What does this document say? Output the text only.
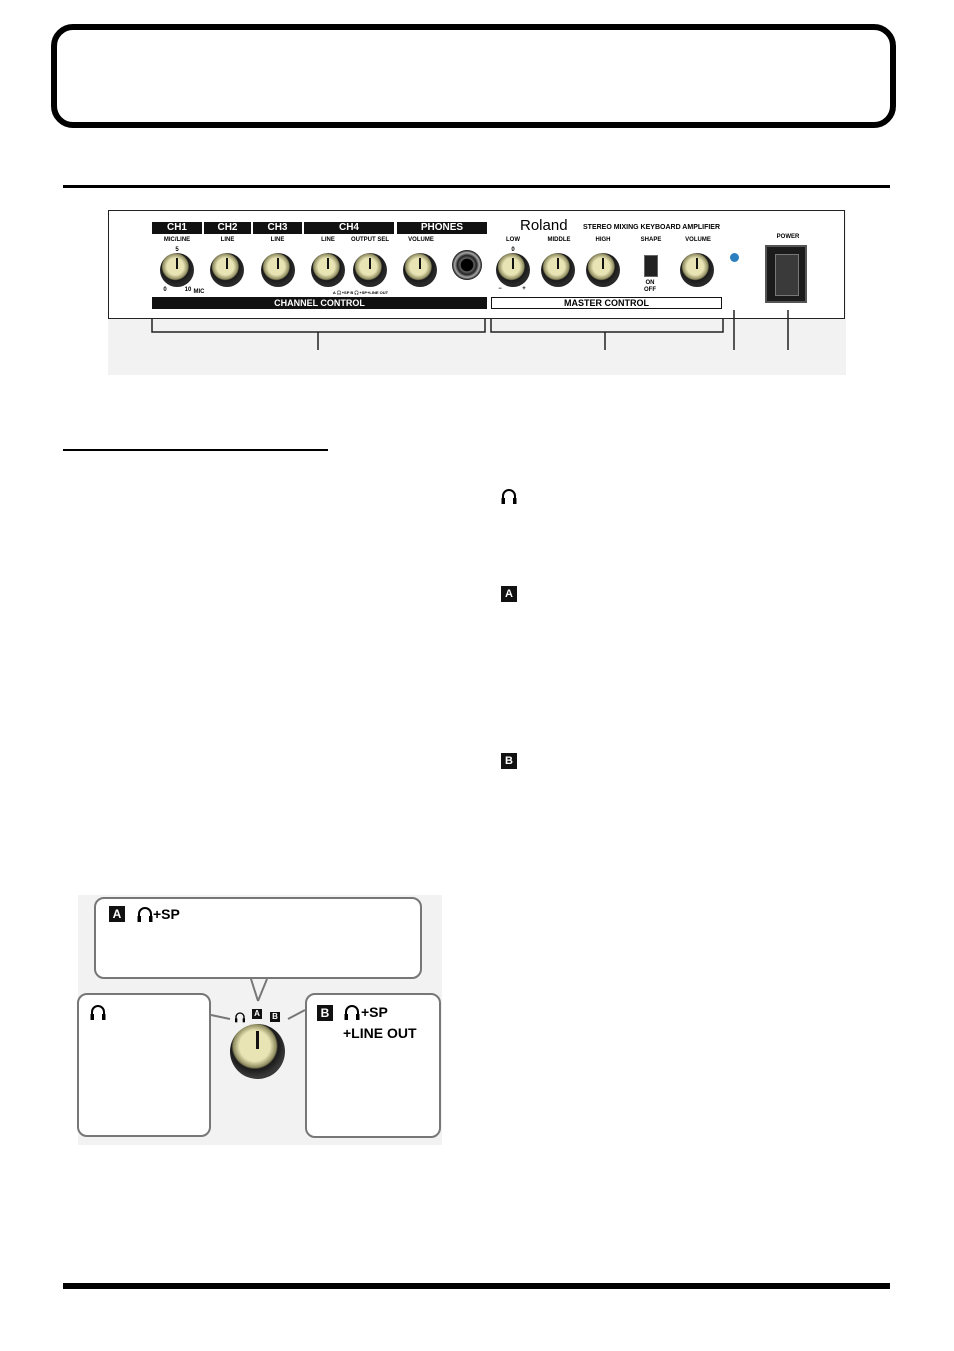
CH1	CH2	CH3	CH4	PHONES	Roland STEREO MIXING KEYBOARD AMPLIFIER
MIC/LINE	LINE	LINE	LINE	OUTPUT SEL	VOLUME	LOW	MIDDLE	HIGH	SHAPE	VOLUME	POWER
0	10 MIC
5	0
−	+
ON
OFF
A 🎧+SP B 🎧+SP+LINE OUT
CHANNEL CONTROL	MASTER CONTROL
A
B
A +SP
B +SP
+LINE OUT
A B
